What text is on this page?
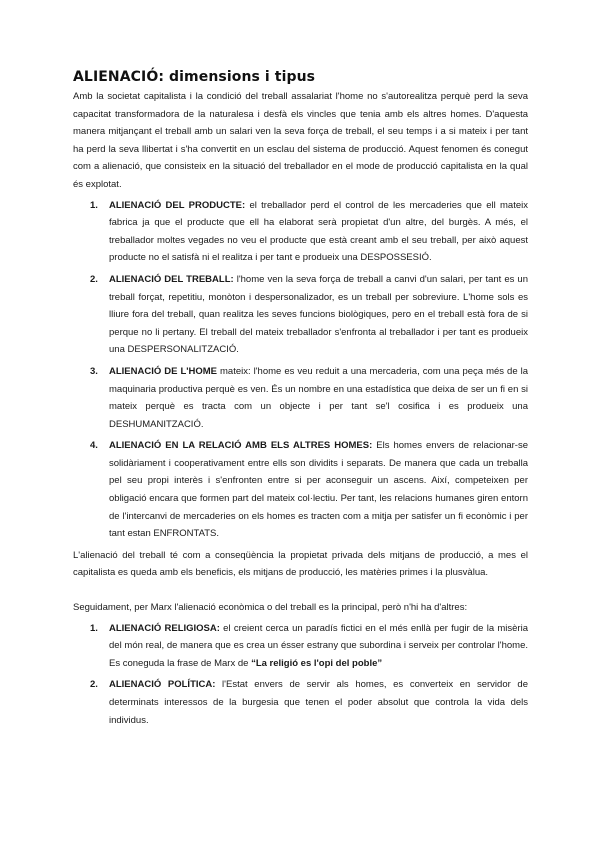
ALIENACIÓ: dimensions i tipus

Amb la societat capitalista i la condició del treball assalariat l'home no s'autorealitza perquè perd la seva capacitat transformadora de la naturalesa i desfà els vincles que tenia amb els altres homes. D'aquesta manera mitjançant el treball amb un salari ven la seva força de treball, el seu temps i a si mateix i per tant ha perd la seva llibertat i s'ha convertit en un esclau del sistema de producció. Aquest fenomen és conegut com a alienació, que consisteix en la situació del treballador en el mode de producció capitalista en la qual és explotat.

1. ALIENACIÓ DEL PRODUCTE: el treballador perd el control de les mercaderies que ell mateix fabrica ja que el producte que ell ha elaborat serà propietat d'un altre, del burgès. A més, el treballador moltes vegades no veu el producte que està creant amb el seu treball, per això aquest producte no el satisfà ni el realitza i per tant e produeix una DESPOSSESIÓ.
2. ALIENACIÓ DEL TREBALL: l'home ven la seva força de treball a canvi d'un salari, per tant es un treball forçat, repetitiu, monòton i despersonalizador, es un treball per sobreviure. L'home sols es lliure fora del treball, quan realitza les seves funcions biològiques, pero en el treball està fora de si perque no li pertany. El treball del mateix treballador s'enfronta al treballador i per tant es produeix una DESPERSONALITZACIÓ.
3. ALIENACIÓ DE L'HOME mateix: l'home es veu reduit a una mercaderia, com una peça més de la maquinaria productiva perquè es ven. És un nombre en una estadística que deixa de ser un fi en si mateix perquè es tracta com un objecte i per tant se'l cosifica i es produeix una DESHUMANITZACIÓ.
4. ALIENACIÓ EN LA RELACIÓ AMB ELS ALTRES HOMES: Els homes envers de relacionar-se solidàriament i cooperativament entre ells son dividits i separats. De manera que cada un treballa pel seu propi interès i s'enfronten entre si per aconseguir un ascens. Així, competeixen per obligació encara que formen part del mateix col·lectiu. Per tant, les relacions humanes giren entorn de l'intercanvi de mercaderies on els homes es tracten com a mitja per satisfer un fi econòmic i per tant estan ENFRONTATS.

L'alienació del treball té com a conseqüència la propietat privada dels mitjans de producció, a mes el capitalista es queda amb els beneficis, els mitjans de producció, les matèries primes i la plusvàlua.

Seguidament, per Marx l'alienació econòmica o del treball es la principal, però n'hi ha d'altres:

1. ALIENACIÓ RELIGIOSA: el creient cerca un paradís fictici en el més enllà per fugir de la misèria del món real, de manera que es crea un ésser estrany que subordina i serveix per controlar l'home. Es coneguda la frase de Marx de “La religió es l'opi del poble”
2. ALIENACIÓ POLÍTICA: l'Estat envers de servir als homes, es converteix en servidor de determinats interessos de la burgesia que tenen el poder absolut que controla la vida dels individus.
